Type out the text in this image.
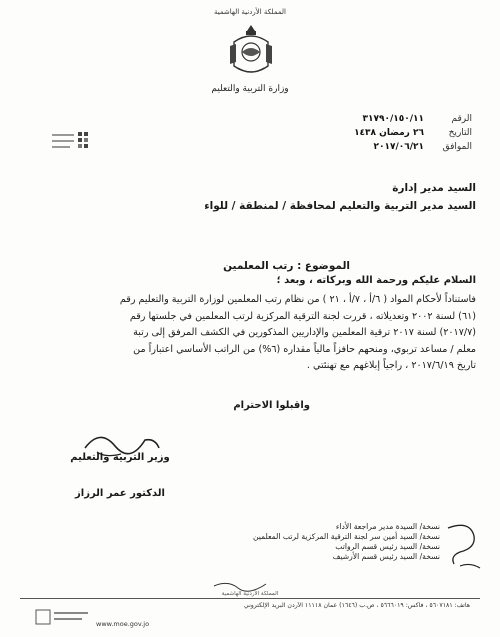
المملكة الأردنية الهاشمية
وزارة التربية والتعليم
الرقم
٣١٧٩٠/١٥٠/١١
التاريخ
٢٦ رمضان ١٤٣٨
الموافق
٢٠١٧/٠٦/٢١
السيد مدير إدارة
السيد مدير التربية والتعليم لمحافظة / لمنطقة / للواء
الموضوع : رتب المعلمين
السلام عليكم ورحمة الله وبركاته ، وبعد ؛
فاستناداً لأحكام المواد ( ٦/أ ، ٧/أ ، ٢١ ) من نظام رتب المعلمين لوزارة التربية والتعليم رقم
(٦١) لسنة ٢٠٠٢ وتعديلاته ، قررت لجنة الترقية المركزية لرتب المعلمين في جلستها رقم
(٢٠١٧/٧) لسنة ٢٠١٧ ترقية المعلمين والإداريين المذكورين في الكشف المرفق إلى رتبة
معلم / مساعد تربوي، ومنحهم حافزاً مالياً مقداره (٦%) من الراتب الأساسي اعتباراً من
تاريخ ٢٠١٧/٦/١٩ ، راجياً إبلاغهم مع تهنئتي .
واقبلوا الاحترام
وزير التربية والتعليم
الدكتور عمر الرزاز
نسخة/ السيدة مدير مراجعة الأداء
نسخة/ السيد أمين سر لجنة الترقية المركزية لرتب المعلمين
نسخة/ السيد رئيس قسم الرواتب
نسخة/ السيد رئيس قسم الأرشيف
المملكة الأردنية الهاشمية
هاتف: ٥٦٠٧١٨١ ، فاكس: ٥٦٦٦٠١٩ ، ص.ب (١٦٤٦) عمان ١١١١٨ الأردن البريد الإلكتروني
www.moe.gov.jo
